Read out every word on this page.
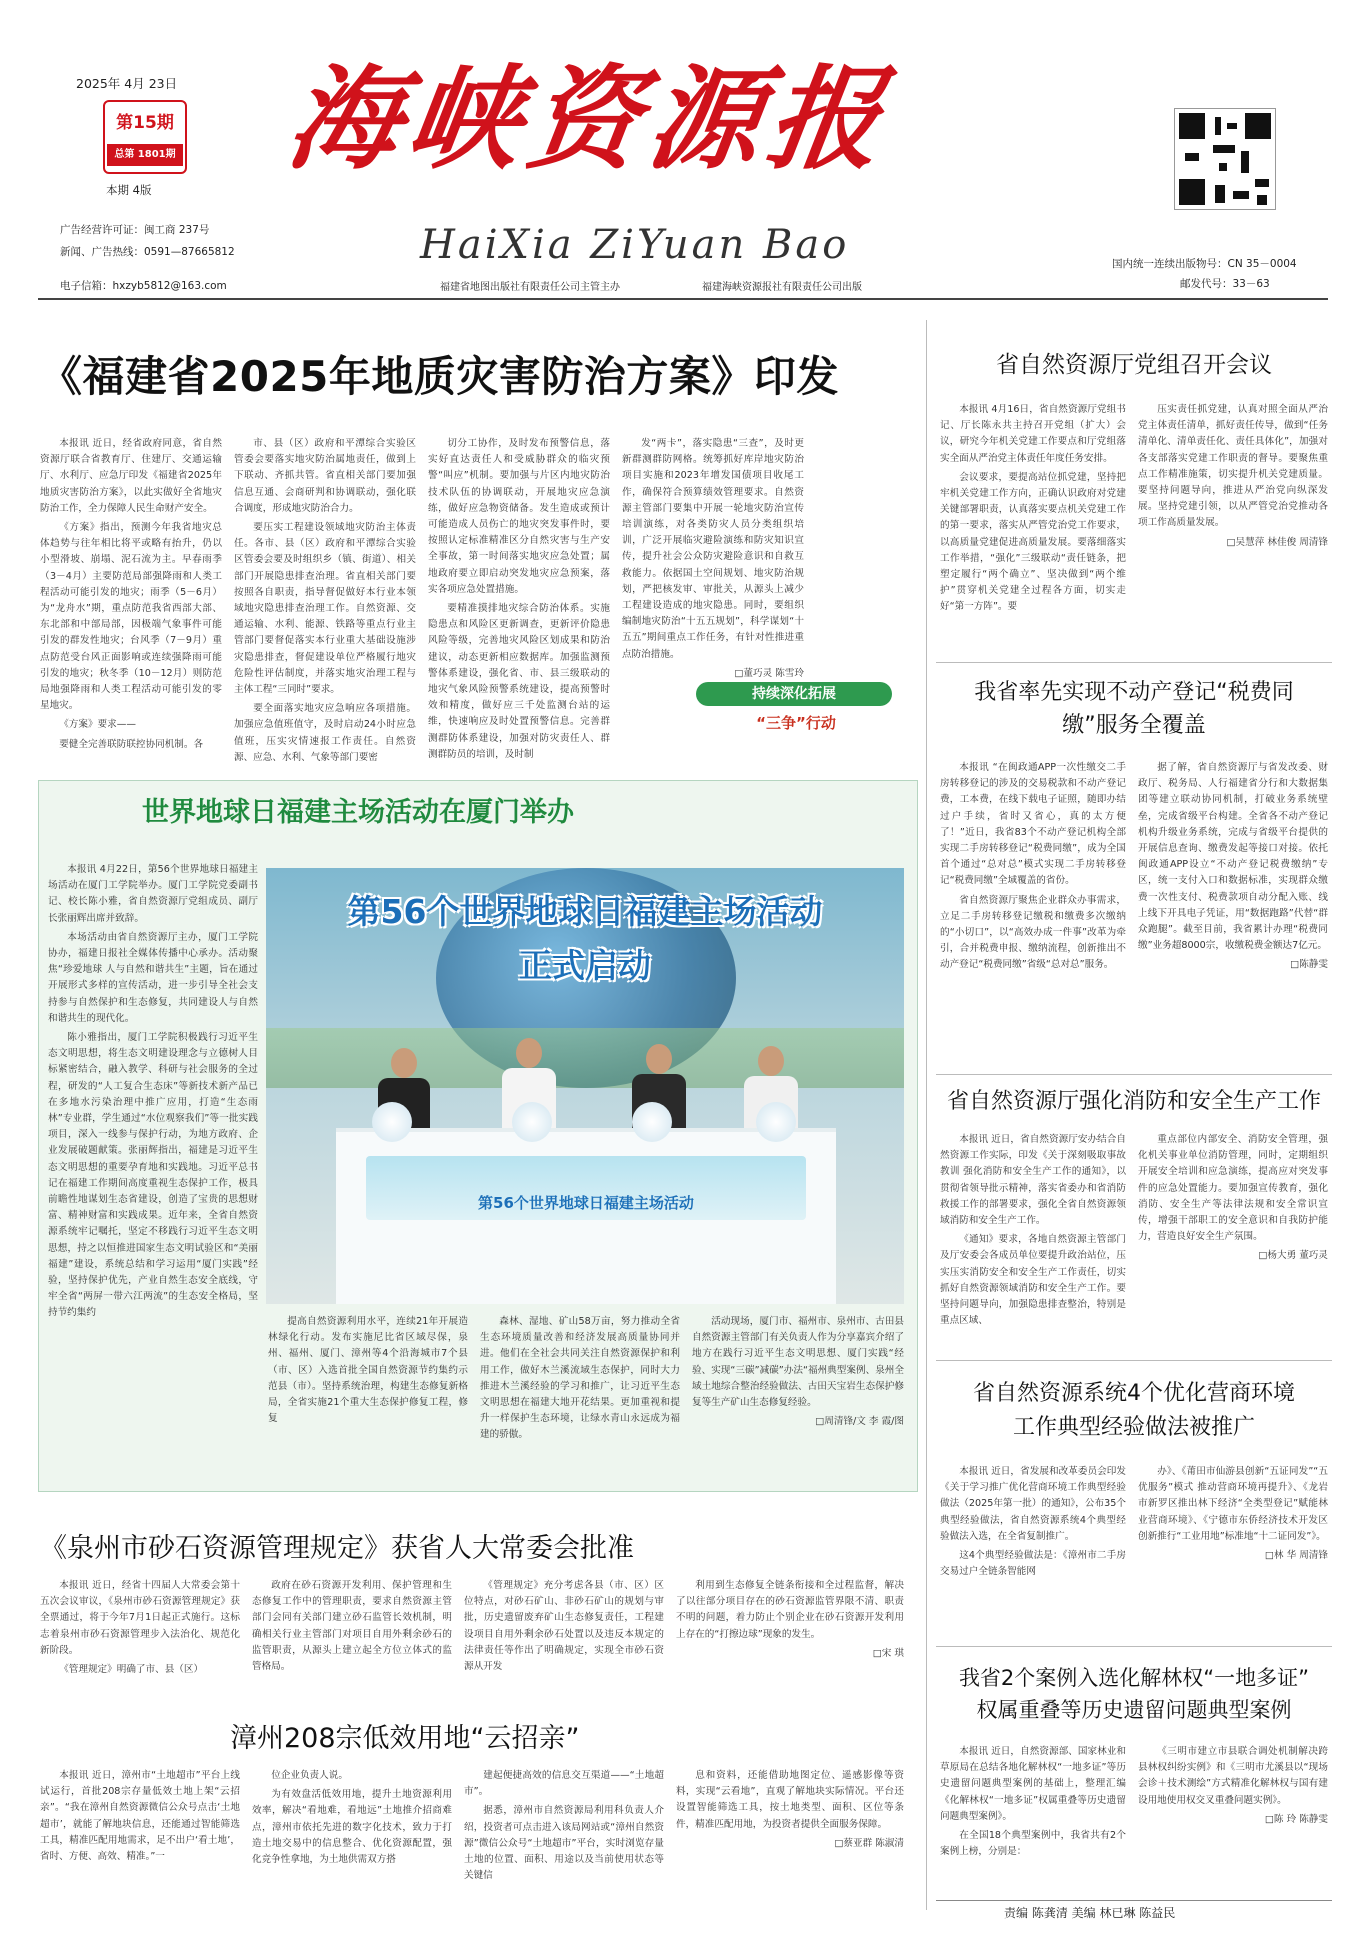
2025年 4月 23日
第15期
总第 1801期
本期 4版
广告经营许可证：闽工商 237号
新闻、广告热线：0591—87665812
电子信箱：hxzyb5812@163.com
海峡资源报
HaiXia ZiYuan Bao
福建省地图出版社有限责任公司主管主办	福建海峡资源报社有限责任公司出版
国内统一连续出版物号：CN 35－0004
邮发代号：33－63
《福建省2025年地质灾害防治方案》印发

本报讯 近日，经省政府同意，省自然资源厅联合省教育厅、住建厅、交通运输厅、水利厅、应急厅印发《福建省2025年地质灾害防治方案》，以此实做好全省地灾防治工作，全力保障人民生命财产安全。

《方案》指出，预测今年我省地灾总体趋势与往年相比将平或略有抬升，仍以小型滑坡、崩塌、泥石流为主。早春雨季（3－4月）主要防范局部强降雨和人类工程活动可能引发的地灾；雨季（5－6月）为“龙舟水”期，重点防范我省西部大部、东北部和中部局部，因极端气象事件可能引发的群发性地灾；台风季（7－9月）重点防范受台风正面影响或连续强降雨可能引发的地灾；秋冬季（10－12月）则防范局地强降雨和人类工程活动可能引发的零星地灾。

《方案》要求——

要健全完善联防联控协同机制。各

市、县（区）政府和平潭综合实验区管委会要落实地灾防治属地责任，做到上下联动、齐抓共管。省直相关部门要加强信息互通、会商研判和协调联动，强化联合调度，形成地灾防治合力。

要压实工程建设领域地灾防治主体责任。各市、县（区）政府和平潭综合实验区管委会要及时组织乡（镇、街道）、相关部门开展隐患排查治理。省直相关部门要按照各自职责，指导督促做好本行业本领域地灾隐患排查治理工作。自然资源、交通运输、水利、能源、铁路等重点行业主管部门要督促落实本行业重大基础设施涉灾隐患排查，督促建设单位严格履行地灾危险性评估制度，并落实地灾治理工程与主体工程“三同时”要求。

要全面落实地灾应急响应各项措施。加强应急值班值守，及时启动24小时应急值班，压实灾情速报工作责任。自然资源、应急、水利、气象等部门要密

切分工协作，及时发布预警信息，落实好直达责任人和受威胁群众的临灾预警“叫应”机制。要加强与片区内地灾防治技术队伍的协调联动，开展地灾应急演练，做好应急物资储备。发生造成或预计可能造成人员伤亡的地灾突发事件时，要按照认定标准精准区分自然灾害与生产安全事故，第一时间落实地灾应急处置；属地政府要立即启动突发地灾应急预案，落实各项应急处置措施。

要精准摸排地灾综合防治体系。实施隐患点和风险区更新调查，更新评价隐患风险等级，完善地灾风险区划成果和防治建议，动态更新相应数据库。加强监测预警体系建设，强化省、市、县三级联动的地灾气象风险预警系统建设，提高预警时效和精度，做好应三千处监测台站的运维，快速响应及时处置预警信息。完善群测群防体系建设，加强对防灾责任人、群测群防员的培训，及时制

发“两卡”，落实隐患“三查”，及时更新群测群防网格。统筹抓好库岸地灾防治项目实施和2023年增发国债项目收尾工作，确保符合预算绩效管理要求。自然资源主管部门要集中开展一轮地灾防治宣传培训演练，对各类防灾人员分类组织培训，广泛开展临灾避险演练和防灾知识宣传，提升社会公众防灾避险意识和自救互救能力。依据国土空间规划、地灾防治规划，严把核发审、审批关，从源头上减少工程建设造成的地灾隐患。同时，要组织编制地灾防治“十五五规划”，科学谋划“十五五”期间重点工作任务，有针对性推进重点防治措施。

□董巧灵 陈雪玲

持续深化拓展
“三争”行动
世界地球日福建主场活动在厦门举办

本报讯 4月22日，第56个世界地球日福建主场活动在厦门工学院举办。厦门工学院党委副书记、校长陈小雅，省自然资源厅党组成员、副厅长张丽辉出席并致辞。

本场活动由省自然资源厅主办，厦门工学院协办，福建日报社全媒体传播中心承办。活动聚焦“珍爱地球 人与自然和谐共生”主题，旨在通过开展形式多样的宣传活动，进一步引导全社会支持参与自然保护和生态修复，共同建设人与自然和谐共生的现代化。

陈小雅指出，厦门工学院积极践行习近平生态文明思想，将生态文明建设理念与立德树人目标紧密结合，融入教学、科研与社会服务的全过程，研发的“人工复合生态床”等新技术新产品已在多地水污染治理中推广应用，打造“生态雨林”专业群，学生通过“水位观察我们”等一批实践项目，深入一线参与保护行动，为地方政府、企业发展破题献策。张丽辉指出，福建是习近平生态文明思想的重要孕育地和实践地。习近平总书记在福建工作期间高度重视生态保护工作，极具前瞻性地谋划生态省建设，创造了宝贵的思想财富、精神财富和实践成果。近年来，全省自然资源系统牢记嘱托，坚定不移践行习近平生态文明思想，持之以恒推进国家生态文明试验区和“美丽福建”建设，系统总结和学习运用“厦门实践”经验，坚持保护优先，产业自然生态安全底线，守牢全省“两屏一带六江两流”的生态安全格局，坚持节约集约

第56个世界地球日福建主场活动
正式启动
第56个世界地球日福建主场活动

提高自然资源利用水平，连续21年开展造林绿化行动。发布实施尼比省区域尽保，泉州、福州、厦门、漳州等4个沿海城市7个县（市、区）入选首批全国自然资源节约集约示范县（市）。坚持系统治理，构建生态修复新格局，全省实施21个重大生态保护修复工程，修复

森林、湿地、矿山58万亩，努力推动全省生态环境质量改善和经济发展高质量协同并进。他们在全社会共同关注自然资源保护和利用工作，做好木兰溪流域生态保护，同时大力推进木兰溪经验的学习和推广，让习近平生态文明思想在福建大地开花结果。更加重视和提升一样保护生态环境，让绿水青山永远成为福建的骄傲。

活动现场，厦门市、福州市、泉州市、古田县自然资源主管部门有关负责人作为分享嘉宾介绍了地方在践行习近平生态文明思想、厦门实践“经验、实现“三碳”减碳”办法“福州典型案例、泉州全域土地综合整治经验做法、古田天宝岩生态保护修复等生产矿山生态修复经验。

□周清锋/文 李 霞/图

《泉州市砂石资源管理规定》获省人大常委会批准

本报讯 近日，经省十四届人大常委会第十五次会议审议，《泉州市砂石资源管理规定》获全票通过，将于今年7月1日起正式施行。这标志着泉州市砂石资源管理步入法治化、规范化新阶段。

《管理规定》明确了市、县（区）

政府在砂石资源开发利用、保护管理和生态修复工作中的管理职责，要求自然资源主管部门会同有关部门建立砂石监管长效机制，明确相关行业主管部门对项目自用外剩余砂石的监管职责，从源头上建立起全方位立体式的监管格局。

《管理规定》充分考虑各县（市、区）区位特点，对砂石矿山、非砂石矿山的规划与审批，历史遗留废弃矿山生态修复责任，工程建设项目自用外剩余砂石处置以及违反本规定的法律责任等作出了明确规定，实现全市砂石资源从开发

利用到生态修复全链条衔接和全过程监督，解决了以往部分项目存在的砂石资源监管界限不清、职责不明的问题，着力防止个别企业在砂石资源开发利用上存在的“打擦边球”现象的发生。

□宋 琪

漳州208宗低效用地“云招亲”

本报讯 近日，漳州市“土地超市”平台上线试运行，首批208宗存量低效土地上架“云招亲”。“我在漳州自然资源微信公众号点击‘土地超市’，就能了解地块信息，还能通过智能筛选工具，精准匹配用地需求，足不出户‘看土地’，省时、方便、高效、精准。”一

位企业负责人说。

为有效盘活低效用地，提升土地资源利用效率，解决“看地难，看地远”土地推介招商难点，漳州市依托先进的数字化技术，致力于打造土地交易中的信息整合、优化资源配置，强化竞争性拿地，为土地供需双方搭

建起便捷高效的信息交互渠道——“土地超市”。

据悉，漳州市自然资源局利用科负责人介绍，投资者可点击进入该局网站或“漳州自然资源”微信公众号“土地超市”平台，实时浏览存量土地的位置、面积、用途以及当前使用状态等关键信

息和资料，还能借助地图定位、遥感影像等资料，实现“云看地”，直观了解地块实际情况。平台还设置智能筛选工具，按土地类型、面积、区位等条件，精准匹配用地，为投资者提供全面服务保障。

□蔡亚群 陈淑清

省自然资源厅党组召开会议

本报讯 4月16日，省自然资源厅党组书记、厅长陈永共主持召开党组（扩大）会议，研究今年机关党建工作要点和厅党组落实全面从严治党主体责任年度任务安排。

会议要求，要提高站位抓党建，坚持把牢机关党建工作方向，正确认识政府对党建关键部署职责，认真落实要点机关党建工作的第一要求，落实从严管党治党工作要求，以高质量党建促进高质量发展。要落细落实工作举措，“强化”三级联动“责任链条，把塑定履行“两个确立”、坚决做到“两个维护”贯穿机关党建全过程各方面，切实走好“第一方阵”。要

压实责任抓党建，认真对照全面从严治党主体责任清单，抓好责任传导，做到“任务清单化、清单责任化、责任具体化”，加强对各支部落实党建工作职责的督导。要聚焦重点工作精准施策，切实提升机关党建质量。要坚持问题导向，推进从严治党向纵深发展。坚持党建引领，以从严管党治党推动各项工作高质量发展。

□吴慧萍 林佳俊 周清锋

我省率先实现不动产登记“税费同缴”服务全覆盖

本报讯 “在闽政通APP一次性缴交二手房转移登记的涉及的交易税款和不动产登记费，工本费，在线下载电子证照，随即办结过户手续，省时又省心，真的太方便了！”近日，我省83个不动产登记机构全部实现二手房转移登记“税费同缴”，成为全国首个通过“总对总”模式实现二手房转移登记“税费同缴”全域覆盖的省份。

省自然资源厅聚焦企业群众办事需求，立足二手房转移登记缴税和缴费多次缴纳的“小切口”，以“高效办成一件事”改革为牵引，合并税费申报、缴纳流程，创新推出不动产登记“税费同缴”省级“总对总”服务。

据了解，省自然资源厅与省发改委、财政厅、税务局、人行福建省分行和大数据集团等建立联动协同机制，打破业务系统壁垒，完成省级平台构建。全省各不动产登记机构升级业务系统，完成与省级平台提供的开展信息查询、缴费发起等接口对接。依托闽政通APP设立“不动产登记税费缴纳”专区，统一支付入口和数据标准，实现群众缴费一次性支付、税费款项自动分配入账、线上线下开具电子凭证，用“数据跑路”代替“群众跑腿”。截至目前，我省累计办理“税费同缴”业务超8000宗，收缴税费金额达7亿元。

□陈静雯

省自然资源厅强化消防和安全生产工作

本报讯 近日，省自然资源厅安办结合自然资源工作实际，印发《关于深刻吸取事故教训 强化消防和安全生产工作的通知》，以贯彻省领导批示精神，落实省委办和省消防救援工作的部署要求，强化全省自然资源领域消防和安全生产工作。

《通知》要求，各地自然资源主管部门及厅安委会各成员单位要提升政治站位，压实压实消防安全和安全生产工作责任，切实抓好自然资源领域消防和安全生产工作。要坚持问题导向，加强隐患排查整治，特别是重点区域、

重点部位内部安全、消防安全管理，强化机关事业单位消防管理，同时，定期组织开展安全培训和应急演练，提高应对突发事件的应急处置能力。要加强宣传教育，强化消防、安全生产等法律法规和安全常识宣传，增强干部职工的安全意识和自我防护能力，营造良好安全生产氛围。

□杨大勇 董巧灵

省自然资源系统4个优化营商环境
工作典型经验做法被推广

本报讯 近日，省发展和改革委员会印发《关于学习推广优化营商环境工作典型经验做法（2025年第一批）的通知》，公布35个典型经验做法，省自然资源系统4个典型经验做法入选，在全省复制推广。

这4个典型经验做法是：《漳州市二手房交易过户全链条智能网

办》、《莆田市仙游县创新“五证同发”“五优服务”模式 推动营商环境再提升》、《龙岩市新罗区推出林下经济“全类型登记”赋能林业营商环境》、《宁德市东侨经济技术开发区创新推行“工业用地”标准地“十二证同发”》。

□林 华 周清锋

我省2个案例入选化解林权“一地多证”
权属重叠等历史遗留问题典型案例

本报讯 近日，自然资源部、国家林业和草原局在总结各地化解林权“一地多证”等历史遗留问题典型案例的基础上，整理汇编《化解林权“一地多证”权属重叠等历史遗留问题典型案例》。

在全国18个典型案例中，我省共有2个案例上榜，分别是：

《三明市建立市县联合调处机制解决跨县林权纠纷实例》和《三明市尤溪县以“现场会诊＋技术测绘”方式精准化解林权与国有建设用地使用权交叉重叠问题实例》。

□陈 玲 陈静雯

责编 陈龚清 美编 林已琳 陈益民
